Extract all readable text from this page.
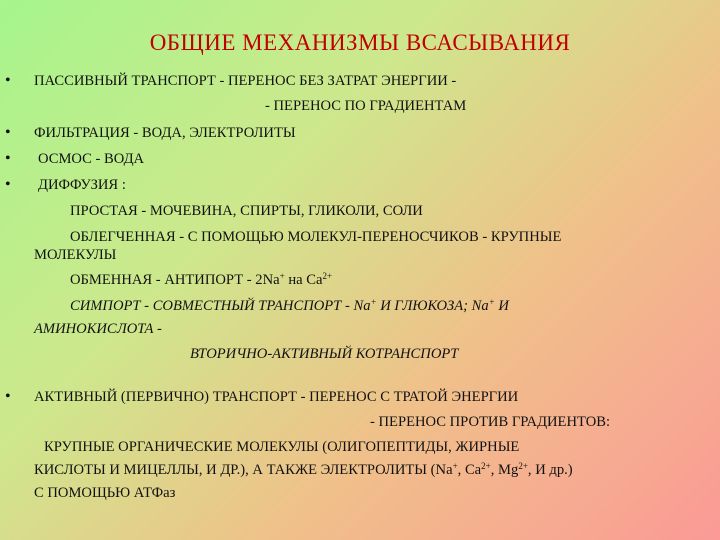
ОБЩИЕ МЕХАНИЗМЫ ВСАСЫВАНИЯ
• ПАССИВНЫЙ ТРАНСПОРТ - ПЕРЕНОС БЕЗ ЗАТРАТ ЭНЕРГИИ -
- ПЕРЕНОС ПО ГРАДИЕНТАМ
• ФИЛЬТРАЦИЯ - ВОДА, ЭЛЕКТРОЛИТЫ
• ОСМОС - ВОДА
• ДИФФУЗИЯ :
ПРОСТАЯ - МОЧЕВИНА, СПИРТЫ, ГЛИКОЛИ, СОЛИ
ОБЛЕГЧЕННАЯ - С ПОМОЩЬЮ МОЛЕКУЛ-ПЕРЕНОСЧИКОВ - КРУПНЫЕ
МОЛЕКУЛЫ
ОБМЕННАЯ - АНТИПОРТ - 2Na+ на $Ca^{2+}$
СИМПОРТ - СОВМЕСТНЫЙ ТРАНСПОРТ - Na+ И ГЛЮКОЗА; Na+ И
АМИНОКИСЛОТА -
ВТОРИЧНО-АКТИВНЫЙ КОТРАНСПОРТ
• АКТИВНЫЙ (ПЕРВИЧНО) ТРАНСПОРТ - ПЕРЕНОС С ТРАТОЙ ЭНЕРГИИ
- ПЕРЕНОС ПРОТИВ ГРАДИЕНТОВ:
КРУПНЫЕ ОРГАНИЧЕСКИЕ МОЛЕКУЛЫ (ОЛИГОПЕПТИДЫ, ЖИРНЫЕ
КИСЛОТЫ И МИЦЕЛЛЫ, И ДР.), А ТАКЖЕ ЭЛЕКТРОЛИТЫ (Na+, $Ca^{2+}$, $Mg^{2+}$, И др.)
С ПОМОЩЬЮ АТФаз
